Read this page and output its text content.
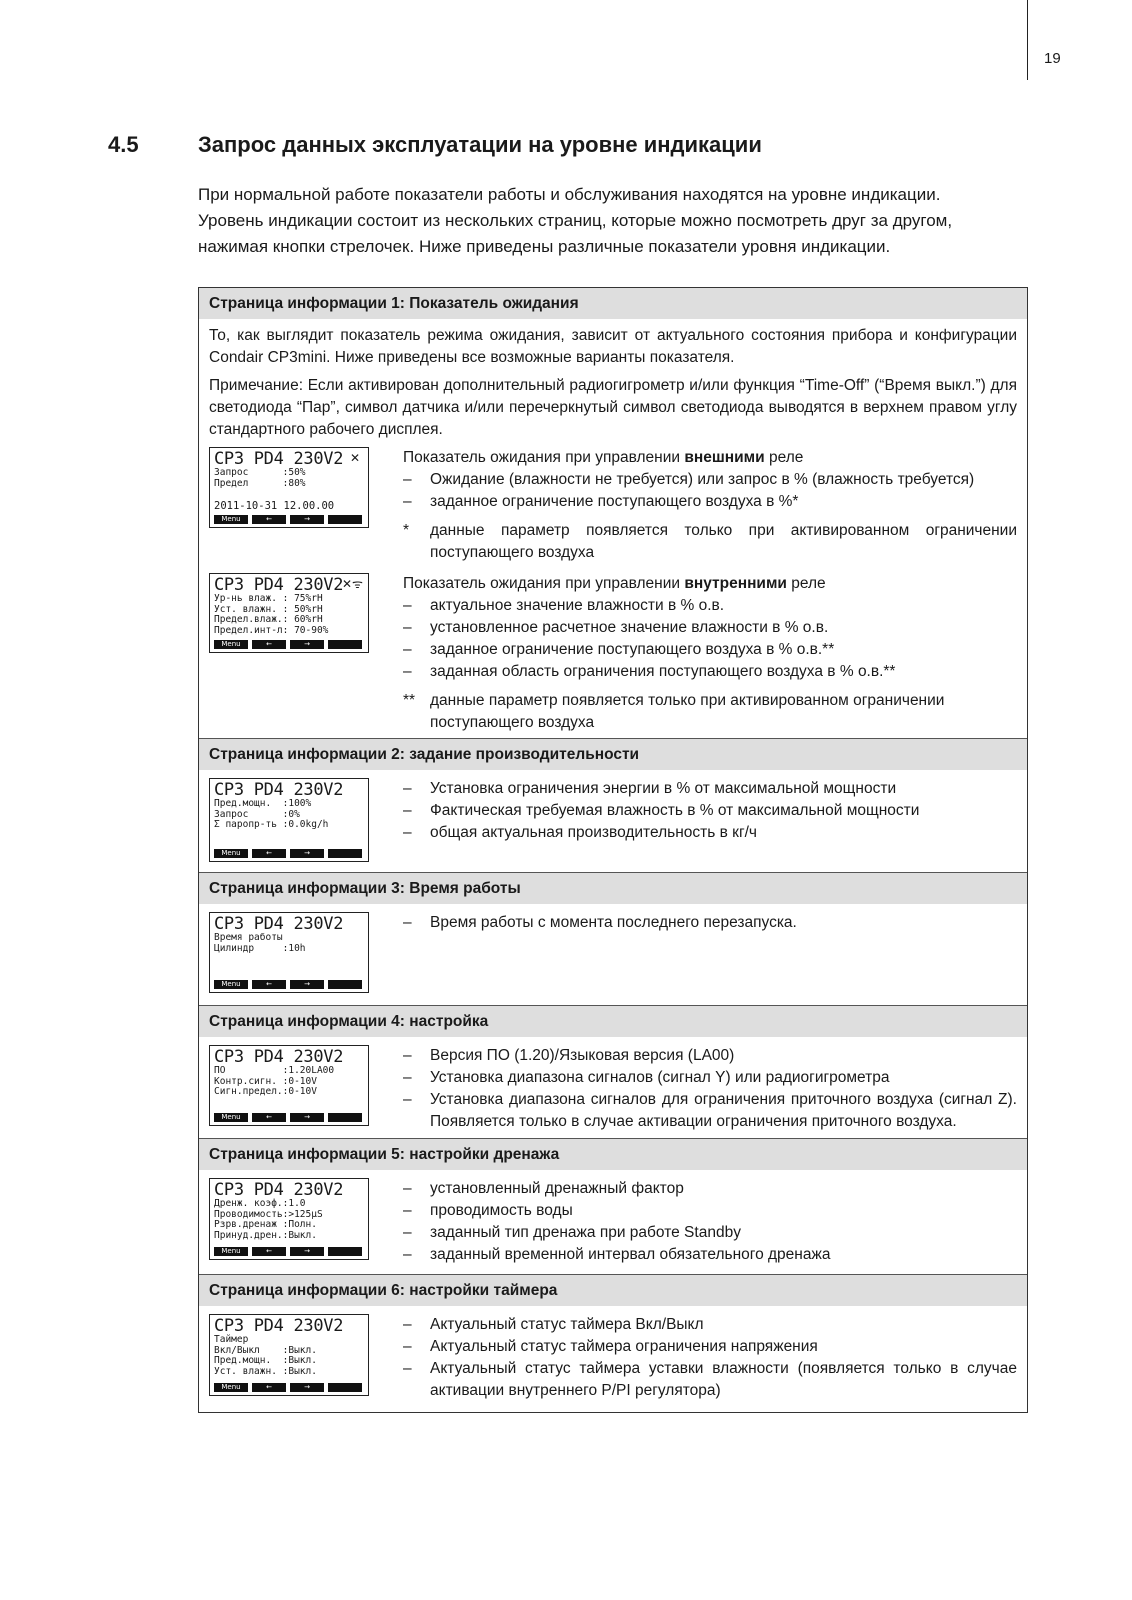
19
4.5	Запрос данных эксплуатации на уровне индикации

При нормальной работе показатели работы и обслуживания находятся на уровне индикации.

Уровень индикации состоит из нескольких страниц, которые можно посмотреть друг за другом,

нажимая кнопки стрелочек. Ниже приведены различные показатели уровня индикации.

Страница информации 1: Показатель ожидания

То, как выглядит показатель режима ожидания, зависит от актуального состояния прибора и конфигурации Condair CP3mini. Ниже приведены все возможные варианты показателя.

Примечание: Если активирован дополнительный радиогигрометр и/или функция “Time-Off” (“Время выкл.”) для светодиода “Пар”, символ датчика и/или перечеркнутый символ светодиода выводятся в верхнем правом углу стандартного рабочего дисплея.

CP3 PD4 230V2 ✕
Запрос      :50%
Предел      :80%
2011-10-31 12.00.00
Menu	←	→

Показатель ожидания при управлении внешними реле

–	Ожидание (влажности не требуется) или запрос в % (влажность требуется)
–	заданное ограничение поступающего воздуха в %*
*	данные параметр появляется только при активированном ограничении поступающего воздуха
CP3 PD4 230V2
✕ᯤ
Ур-нь влаж. : 75%rH
Уст. влажн. : 50%rH
Предел.влаж.: 60%rH
Предел.инт-л: 70-90%
Menu	←	→

Показатель ожидания при управлении внутренними реле

–	актуальное значение влажности в % о.в.
–	установленное расчетное значение влажности в % о.в.
–	заданное ограничение поступающего воздуха в % о.в.**
–	заданная область ограничения поступающего воздуха в % о.в.**
** данные параметр появляется только при активированном ограничении поступающего воздуха
Страница информации 2: задание производительности
CP3 PD4 230V2
Пред.мощн.  :100%
Запрос      :0%
Σ паропр-ть :0.0kg/h
Menu	←	→
–	Установка ограничения энергии в % от максимальной мощности
–	Фактическая требуемая влажность в % от максимальной мощности
–	общая актуальная производительность в кг/ч
Страница информации 3: Время работы
CP3 PD4 230V2
Время работы
Цилиндр     :10h
Menu	←	→
–	Время работы с момента последнего перезапуска.
Страница информации 4: настройка
CP3 PD4 230V2
ПО          :1.20LA00
Контр.сигн. :0-10V
Сигн.предел.:0-10V
Menu	←	→
–	Версия ПО (1.20)/Языковая версия (LA00)
–	Установка диапазона сигналов (сигнал Y) или радиогигрометра
–	Установка диапазона сигналов для ограничения приточного воздуха (сигнал Z). Появляется только в случае активации ограничения приточного воздуха.
Страница информации 5: настройки дренажа
CP3 PD4 230V2
Дренж. коэф.:1.0
Проводимость:>125µS
Рзрв.дренаж :Полн.
Принуд.дрен.:Выкл.
Menu	←	→
–	установленный дренажный фактор
–	проводимость воды
–	заданный тип дренажа при работе Standby
–	заданный временной интервал обязательного дренажа
Страница информации 6: настройки таймера
CP3 PD4 230V2
Таймер
Вкл/Выкл    :Выкл.
Пред.мощн.  :Выкл.
Уст. влажн. :Выкл.
Menu	←	→
–	Актуальный статус таймера Вкл/Выкл
–	Актуальный статус таймера ограничения напряжения
–	Актуальный статус таймера уставки влажности (появляется только в случае активации внутреннего P/PI регулятора)
